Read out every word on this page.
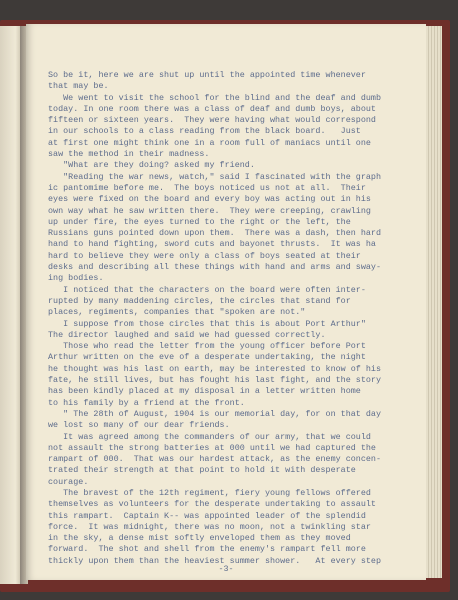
So be it, here we are shut up until the appointed time whenever
that may be.
We went to visit the school for the blind and the deaf and dumb
today. In one room there was a class of deaf and dumb boys, about
fifteen or sixteen years.  They were having what would correspond
in our schools to a class reading from the black board.   Just
at first one might think one in a room full of maniacs until one
saw the method in their madness.
"What are they doing? asked my friend.
"Reading the war news, watch," said I fascinated with the graph
ic pantomime before me.  The boys noticed us not at all.  Their
eyes were fixed on the board and every boy was acting out in his
own way what he saw written there.  They were creeping, crawling
up under fire, the eyes turned to the right or the left, the
Russians guns pointed down upon them.  There was a dash, then hard
hand to hand fighting, sword cuts and bayonet thrusts.  It was ha
hard to believe they were only a class of boys seated at their
desks and describing all these things with hand and arms and sway-
ing bodies.
I noticed that the characters on the board were often inter-
rupted by many maddening circles, the circles that stand for
places, regiments, companies that "spoken are not."
I suppose from those circles that this is about Port Arthur"
The director laughed and said we had guessed correctly.
Those who read the letter from the young officer before Port
Arthur written on the eve of a desperate undertaking, the night
he thought was his last on earth, may be interested to know of his
fate, he still lives, but has fought his last fight, and the story
has been kindly placed at my disposal in a letter written home
to his family by a friend at the front.
" The 28th of August, 1904 is our memorial day, for on that day
we lost so many of our dear friends.
It was agreed among the commanders of our army, that we could
not assault the strong batteries at 000 until we had captured the
rampart of 000.  That was our hardest attack, as the enemy concen-
trated their strength at that point to hold it with desperate
courage.
The bravest of the 12th regiment, fiery young fellows offered
themselves as volunteers for the desperate undertaking to assault
this rampart.  Captain K-- was appointed leader of the splendid
force.  It was midnight, there was no moon, not a twinkling star
in the sky, a dense mist softly enveloped them as they moved
forward.  The shot and shell from the enemy's rampart fell more
thickly upon them than the heaviest summer shower.   At every step
-3-
